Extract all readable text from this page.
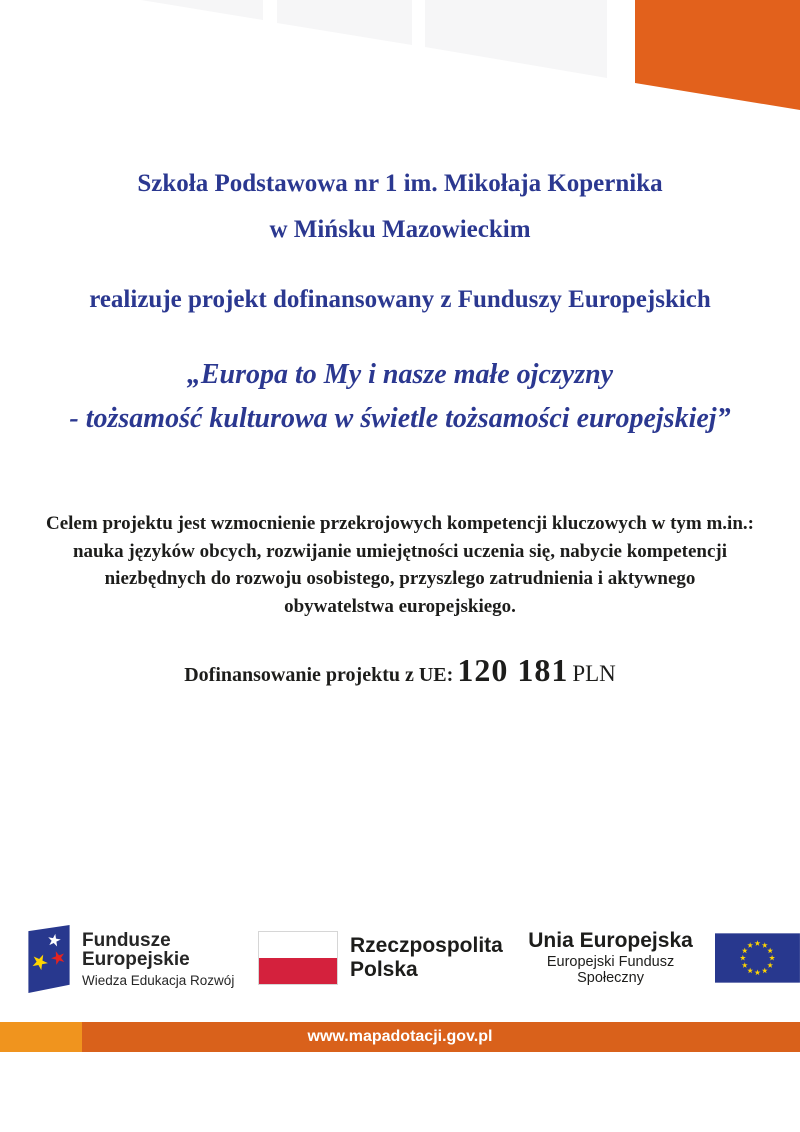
Szkoła Podstawowa nr 1 im. Mikołaja Kopernika
w Mińsku Mazowieckim
realizuje projekt dofinansowany z Funduszy Europejskich
„Europa to My i nasze małe ojczyzny
- tożsamość kulturowa w świetle tożsamości europejskiej”
Celem projektu jest wzmocnienie przekrojowych kompetencji kluczowych w tym m.in.:
nauka języków obcych, rozwijanie umiejętności uczenia się, nabycie kompetencji
niezbędnych do rozwoju osobistego, przyszlego zatrudnienia i aktywnego
obywatelstwa europejskiego.
Dofinansowanie projektu z UE: 120 181 PLN
Fundusze
Europejskie
Wiedza Edukacja Rozwój
Rzeczpospolita
Polska
Unia Europejska
Europejski Fundusz Społeczny
www.mapadotacji.gov.pl
